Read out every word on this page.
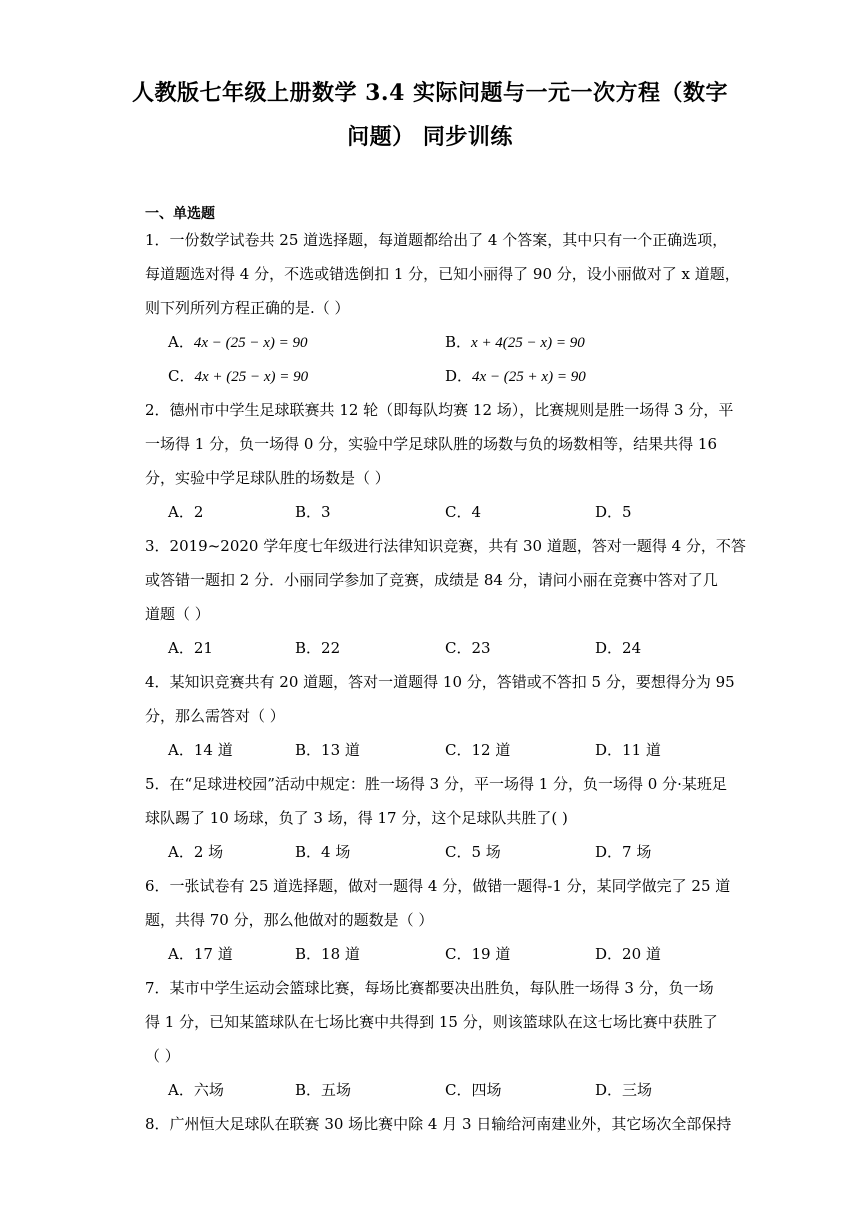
人教版七年级上册数学 3.4 实际问题与一元一次方程（数字
问题） 同步训练
一、单选题
1．一份数学试卷共 25 道选择题，每道题都给出了 4 个答案，其中只有一个正确选项，
每道题选对得 4 分，不选或错选倒扣 1 分，已知小丽得了 90 分，设小丽做对了 x 道题，
则下列所列方程正确的是.（ ）
A．4x − (25 − x) = 90	B．x + 4(25 − x) = 90
C．4x + (25 − x) = 90	D．4x − (25 + x) = 90
2．德州市中学生足球联赛共 12 轮（即每队均赛 12 场），比赛规则是胜一场得 3 分，平
一场得 1 分，负一场得 0 分，实验中学足球队胜的场数与负的场数相等，结果共得 16
分，实验中学足球队胜的场数是（ ）
A．2	B．3	C．4	D．5
3．2019~2020 学年度七年级进行法律知识竞赛，共有 30 道题，答对一题得 4 分，不答
或答错一题扣 2 分．小丽同学参加了竞赛，成绩是 84 分，请问小丽在竞赛中答对了几
道题（ ）
A．21	B．22	C．23	D．24
4．某知识竞赛共有 20 道题，答对一道题得 10 分，答错或不答扣 5 分，要想得分为 95
分，那么需答对（ ）
A．14 道	B．13 道	C．12 道	D．11 道
5．在“足球进校园”活动中规定：胜一场得 3 分，平一场得 1 分，负一场得 0 分·某班足
球队踢了 10 场球，负了 3 场，得 17 分，这个足球队共胜了( )
A．2 场	B．4 场	C．5 场	D．7 场
6．一张试卷有 25 道选择题，做对一题得 4 分，做错一题得-1 分，某同学做完了 25 道
题，共得 70 分，那么他做对的题数是（ ）
A．17 道	B．18 道	C．19 道	D．20 道
7．某市中学生运动会篮球比赛，每场比赛都要决出胜负，每队胜一场得 3 分，负一场
得 1 分，已知某篮球队在七场比赛中共得到 15 分，则该篮球队在这七场比赛中获胜了
（ ）
A．六场	B．五场	C．四场	D．三场
8．广州恒大足球队在联赛 30 场比赛中除 4 月 3 日输给河南建业外，其它场次全部保持
